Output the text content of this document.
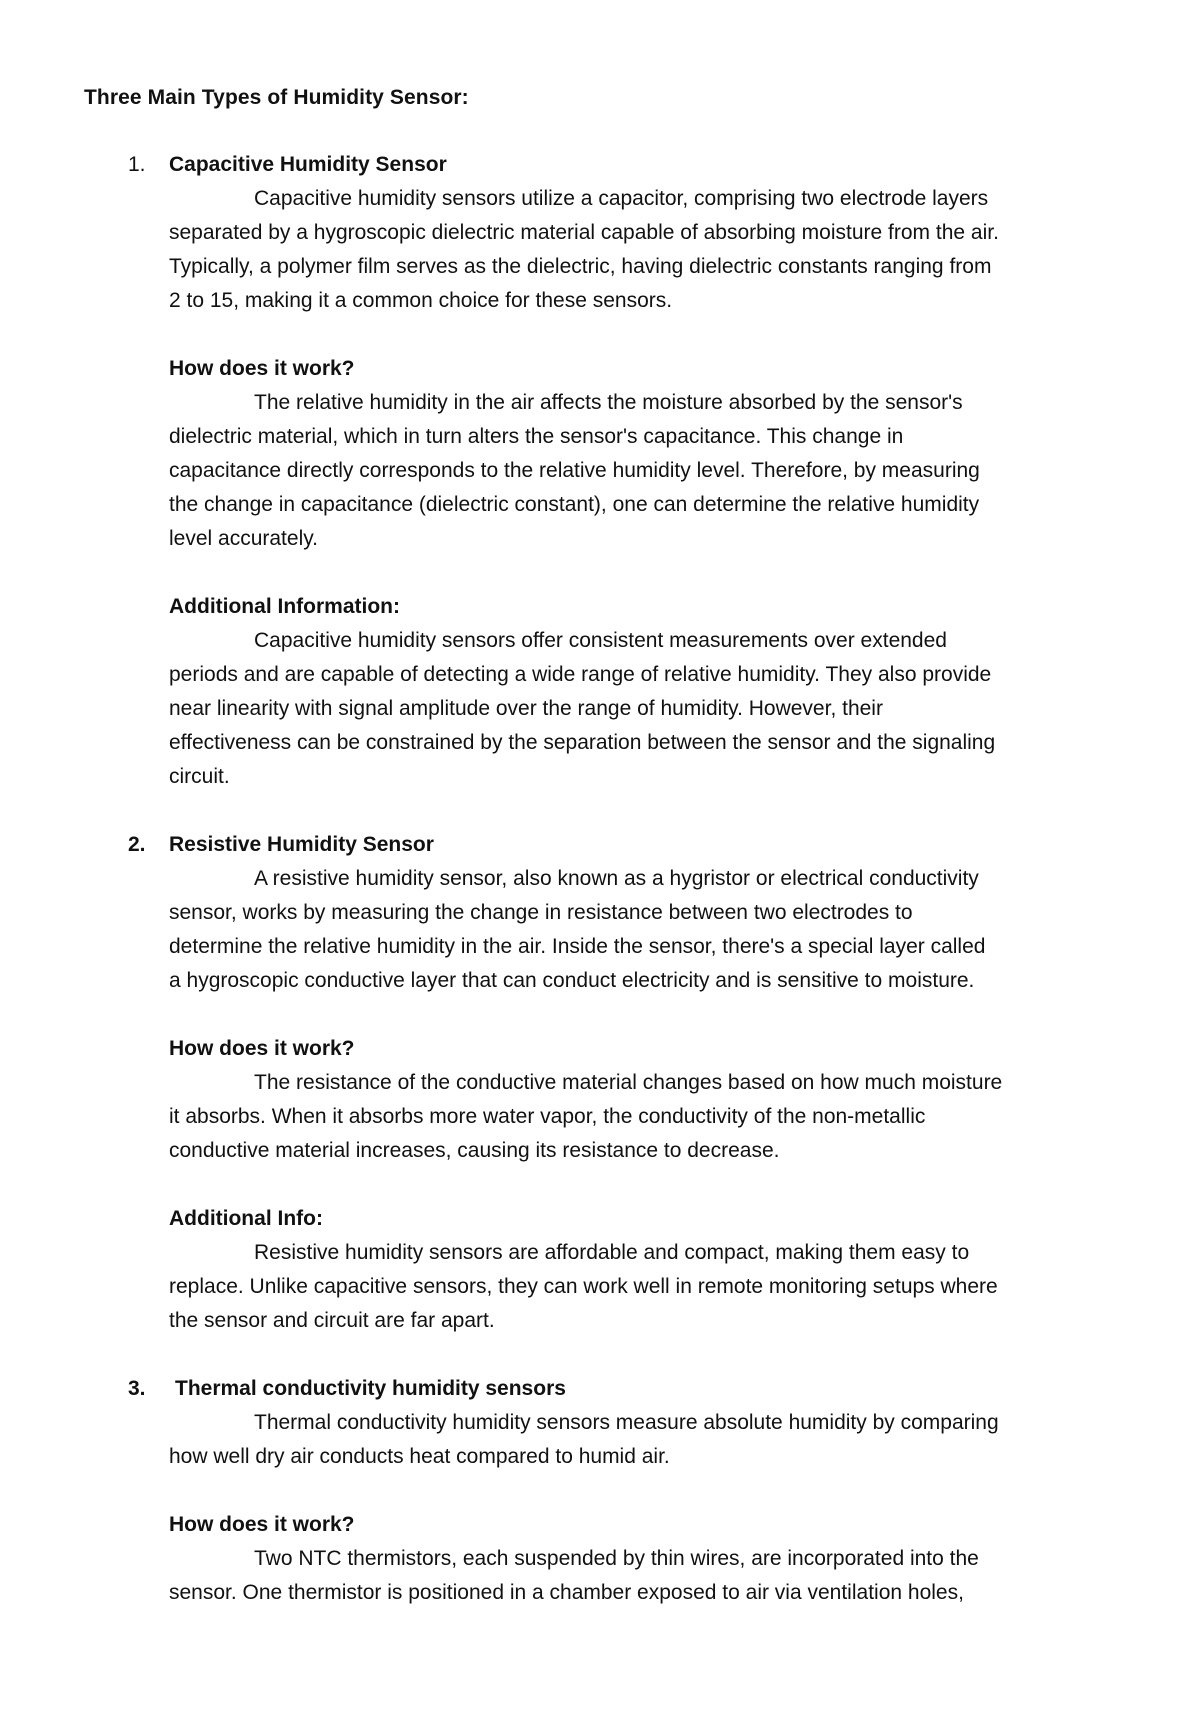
Three Main Types of Humidity Sensor:
1.	Capacitive Humidity Sensor

Capacitive humidity sensors utilize a capacitor, comprising two electrode layers
separated by a hygroscopic dielectric material capable of absorbing moisture from the air.
Typically, a polymer film serves as the dielectric, having dielectric constants ranging from
2 to 15, making it a common choice for these sensors.

How does it work?

The relative humidity in the air affects the moisture absorbed by the sensor's
dielectric material, which in turn alters the sensor's capacitance. This change in
capacitance directly corresponds to the relative humidity level. Therefore, by measuring
the change in capacitance (dielectric constant), one can determine the relative humidity
level accurately.

Additional Information:

Capacitive humidity sensors offer consistent measurements over extended
periods and are capable of detecting a wide range of relative humidity. They also provide
near linearity with signal amplitude over the range of humidity. However, their
effectiveness can be constrained by the separation between the sensor and the signaling
circuit.

2.	Resistive Humidity Sensor

A resistive humidity sensor, also known as a hygristor or electrical conductivity
sensor, works by measuring the change in resistance between two electrodes to
determine the relative humidity in the air. Inside the sensor, there's a special layer called
a hygroscopic conductive layer that can conduct electricity and is sensitive to moisture.

How does it work?

The resistance of the conductive material changes based on how much moisture
it absorbs. When it absorbs more water vapor, the conductivity of the non-metallic
conductive material increases, causing its resistance to decrease.

Additional Info:

Resistive humidity sensors are affordable and compact, making them easy to
replace. Unlike capacitive sensors, they can work well in remote monitoring setups where
the sensor and circuit are far apart.

3.	Thermal conductivity humidity sensors

Thermal conductivity humidity sensors measure absolute humidity by comparing
how well dry air conducts heat compared to humid air.

How does it work?

Two NTC thermistors, each suspended by thin wires, are incorporated into the
sensor. One thermistor is positioned in a chamber exposed to air via ventilation holes,
